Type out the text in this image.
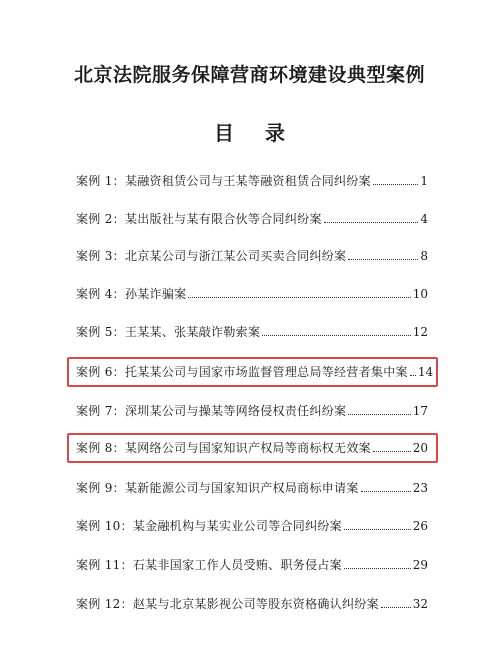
北京法院服务保障营商环境建设典型案例
目 录
案例 1：某融资租赁公司与王某等融资租赁合同纠纷案	1
案例 2：某出版社与某有限合伙等合同纠纷案	4
案例 3：北京某公司与浙江某公司买卖合同纠纷案	8
案例 4：孙某诈骗案	10
案例 5：王某某、张某敲诈勒索案	12
案例 6：托某某公司与国家市场监督管理总局等经营者集中案 14
案例 7：深圳某公司与操某等网络侵权责任纠纷案	17
案例 8：某网络公司与国家知识产权局等商标权无效案	20
案例 9：某新能源公司与国家知识产权局商标申请案	23
案例 10：某金融机构与某实业公司等合同纠纷案	26
案例 11：石某非国家工作人员受贿、职务侵占案	29
案例 12：赵某与北京某影视公司等股东资格确认纠纷案	32
